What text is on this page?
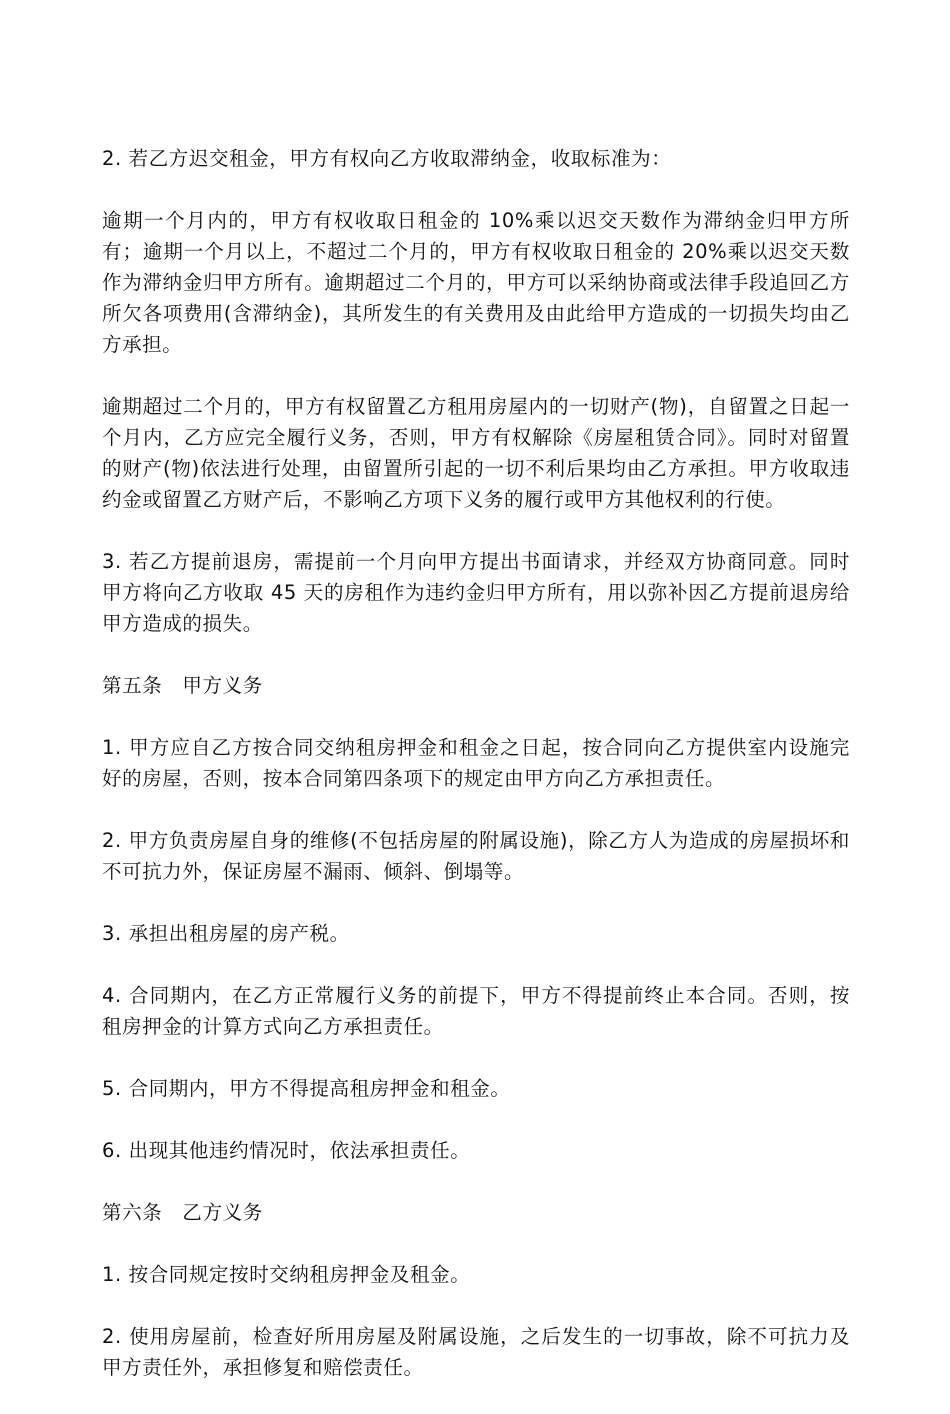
2. 若乙方迟交租金，甲方有权向乙方收取滞纳金，收取标准为：

逾期一个月内的，甲方有权收取日租金的 10%乘以迟交天数作为滞纳金归甲方所有；逾期一个月以上，不超过二个月的，甲方有权收取日租金的 20%乘以迟交天数作为滞纳金归甲方所有。逾期超过二个月的，甲方可以采纳协商或法律手段追回乙方所欠各项费用(含滞纳金)，其所发生的有关费用及由此给甲方造成的一切损失均由乙方承担。

逾期超过二个月的，甲方有权留置乙方租用房屋内的一切财产(物)，自留置之日起一个月内，乙方应完全履行义务，否则，甲方有权解除《房屋租赁合同》。同时对留置的财产(物)依法进行处理，由留置所引起的一切不利后果均由乙方承担。甲方收取违约金或留置乙方财产后，不影响乙方项下义务的履行或甲方其他权利的行使。

3. 若乙方提前退房，需提前一个月向甲方提出书面请求，并经双方协商同意。同时甲方将向乙方收取 45 天的房租作为违约金归甲方所有，用以弥补因乙方提前退房给甲方造成的损失。

第五条　甲方义务

1. 甲方应自乙方按合同交纳租房押金和租金之日起，按合同向乙方提供室内设施完好的房屋，否则，按本合同第四条项下的规定由甲方向乙方承担责任。

2. 甲方负责房屋自身的维修(不包括房屋的附属设施)，除乙方人为造成的房屋损坏和不可抗力外，保证房屋不漏雨、倾斜、倒塌等。

3. 承担出租房屋的房产税。

4. 合同期内，在乙方正常履行义务的前提下，甲方不得提前终止本合同。否则，按租房押金的计算方式向乙方承担责任。

5. 合同期内，甲方不得提高租房押金和租金。

6. 出现其他违约情况时，依法承担责任。

第六条　乙方义务

1. 按合同规定按时交纳租房押金及租金。

2. 使用房屋前，检查好所用房屋及附属设施，之后发生的一切事故，除不可抗力及甲方责任外，承担修复和赔偿责任。
